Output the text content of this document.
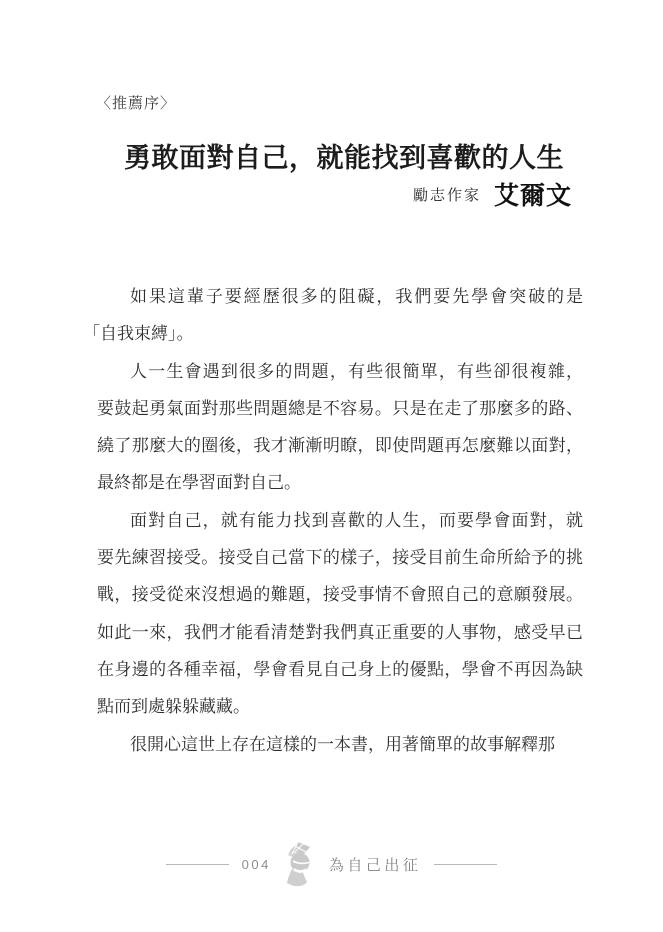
〈推薦序〉
勇敢面對自己，就能找到喜歡的人生
勵志作家 艾爾文
如果這輩子要經歷很多的阻礙，我們要先學會突破的是
「自我束縛」。
人一生會遇到很多的問題，有些很簡單，有些卻很複雜，
要鼓起勇氣面對那些問題總是不容易。只是在走了那麼多的路、
繞了那麼大的圈後，我才漸漸明瞭，即使問題再怎麼難以面對，
最終都是在學習面對自己。
面對自己，就有能力找到喜歡的人生，而要學會面對，就
要先練習接受。接受自己當下的樣子，接受目前生命所給予的挑
戰，接受從來沒想過的難題，接受事情不會照自己的意願發展。
如此一來，我們才能看清楚對我們真正重要的人事物，感受早已
在身邊的各種幸福，學會看見自己身上的優點，學會不再因為缺
點而到處躲躲藏藏。
很開心這世上存在這樣的一本書，用著簡單的故事解釋那
004	為自己出征
